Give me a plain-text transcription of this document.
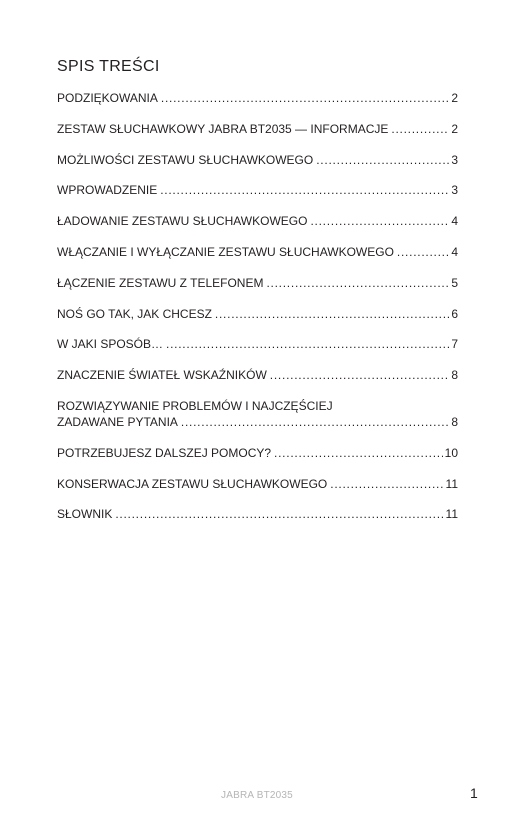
SPIS TREŚCI
PODZIĘKOWANIA . . .	2
ZESTAW SŁUCHAWKOWY JABRA BT2035 — INFORMACJE . . .	2
MOŻLIWOŚCI ZESTAWU SŁUCHAWKOWEGO . . .	3
WPROWADZENIE . . .	3
ŁADOWANIE ZESTAWU SŁUCHAWKOWEGO . . .	4
WŁĄCZANIE I WYŁĄCZANIE ZESTAWU SŁUCHAWKOWEGO . . .	4
ŁĄCZENIE ZESTAWU Z TELEFONEM . . .	5
NOŚ GO TAK, JAK CHCESZ . . .	6
W JAKI SPOSÓB… . . .	7
ZNACZENIE ŚWIATEŁ WSKAŹNIKÓW . . .	8
ROZWIĄZYWANIE PROBLEMÓW I NAJCZĘŚCIEJ
ZADAWANE PYTANIA . . .	8
POTRZEBUJESZ DALSZEJ POMOCY? . . .	10
KONSERWACJA ZESTAWU SŁUCHAWKOWEGO . . .	11
SŁOWNIK . . .	11
JABRA BT2035	1
